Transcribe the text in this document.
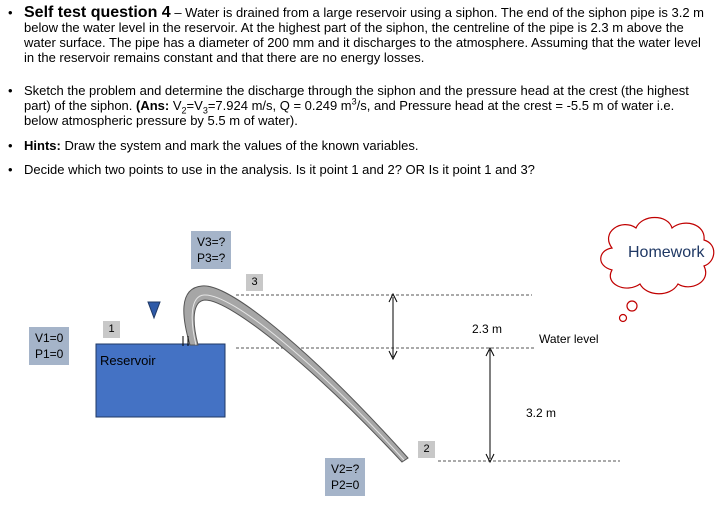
• Self test question 4 – Water is drained from a large reservoir using a siphon. The end of the siphon pipe is 3.2 m below the water level in the reservoir. At the highest part of the siphon, the centreline of the pipe is 2.3 m above the water surface. The pipe has a diameter of 200 mm and it discharges to the atmosphere. Assuming that the water level in the reservoir remains constant and that there are no energy losses.
• Sketch the problem and determine the discharge through the siphon and the pressure head at the crest (the highest part) of the siphon. (Ans: $V_2=V_3=7.924$ m/s, Q = 0.249 $m^3/s$, and Pressure head at the crest = -5.5 m of water i.e. below atmospheric pressure by 5.5 m of water).
• Hints: Draw the system and mark the values of the known variables.
• Decide which two points to use in the analysis. Is it point 1 and 2? OR Is it point 1 and 3?
V1=0
P1=0
V3=?
P3=?
V2=?
P2=0
1
3
2
Reservoir
2.3 m
3.2 m
Water level
Homework
